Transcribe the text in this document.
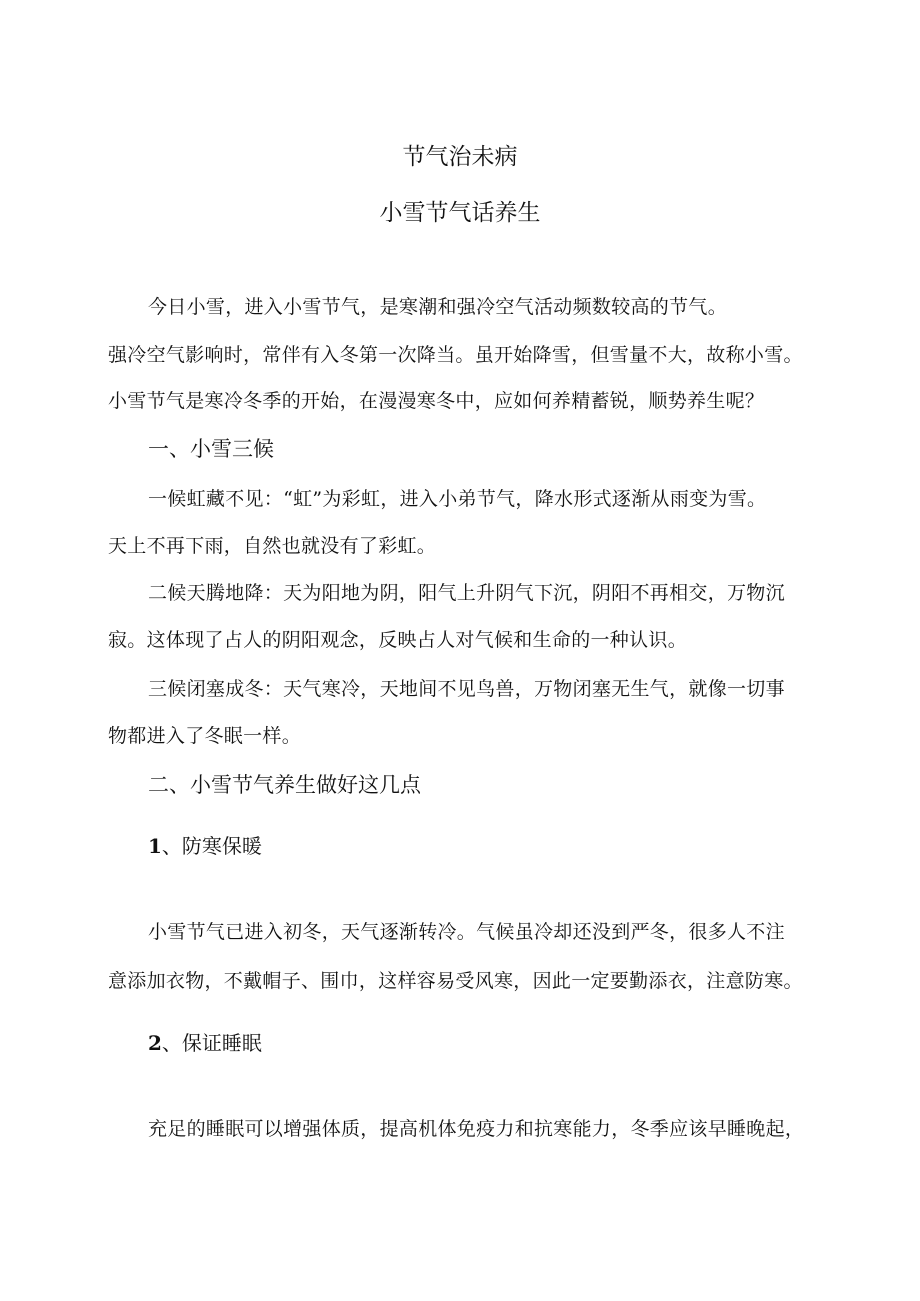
节气治未病

小雪节气话养生

今日小雪，进入小雪节气，是寒潮和强冷空气活动频数较高的节气。

强冷空气影响时，常伴有入冬第一次降当。虽开始降雪，但雪量不大，故称小雪。

小雪节气是寒冷冬季的开始，在漫漫寒冬中，应如何养精蓄锐，顺势养生呢？

一、小雪三候

一候虹藏不见：“虹”为彩虹，进入小弟节气，降水形式逐渐从雨变为雪。

天上不再下雨，自然也就没有了彩虹。

二候天腾地降：天为阳地为阴，阳气上升阴气下沉，阴阳不再相交，万物沉

寂。这体现了占人的阴阳观念，反映占人对气候和生命的一种认识。

三候闭塞成冬：天气寒冷，天地间不见鸟兽，万物闭塞无生气，就像一切事

物都进入了冬眠一样。

二、小雪节气养生做好这几点

1、防寒保暖

小雪节气已进入初冬，天气逐渐转冷。气候虽冷却还没到严冬，很多人不注

意添加衣物，不戴帽子、围巾，这样容易受风寒，因此一定要勤添衣，注意防寒。

2、保证睡眠

充足的睡眠可以增强体质，提高机体免疫力和抗寒能力，冬季应该早睡晚起，
